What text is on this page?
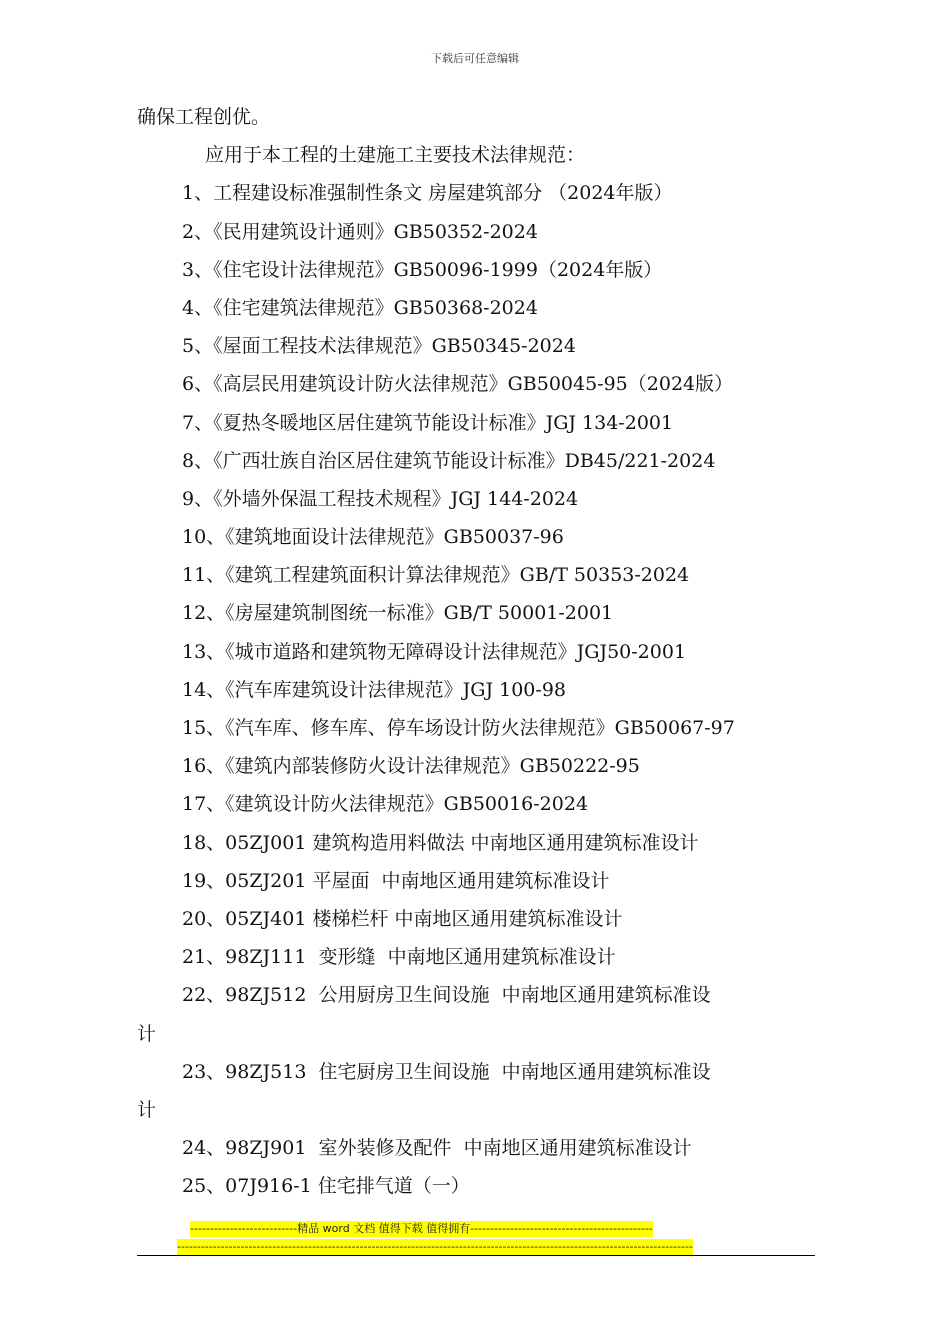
下载后可任意编辑
确保工程创优。
应用于本工程的土建施工主要技术法律规范：
1、工程建设标准强制性条文 房屋建筑部分 （2024年版）
2、《民用建筑设计通则》GB50352-2024
3、《住宅设计法律规范》GB50096-1999（2024年版）
4、《住宅建筑法律规范》GB50368-2024
5、《屋面工程技术法律规范》GB50345-2024
6、《高层民用建筑设计防火法律规范》GB50045-95（2024版）
7、《夏热冬暖地区居住建筑节能设计标准》JGJ 134-2001
8、《广西壮族自治区居住建筑节能设计标准》DB45/221-2024
9、《外墙外保温工程技术规程》JGJ 144-2024
10、《建筑地面设计法律规范》GB50037-96
11、《建筑工程建筑面积计算法律规范》GB/T 50353-2024
12、《房屋建筑制图统一标准》GB/T 50001-2001
13、《城市道路和建筑物无障碍设计法律规范》JGJ50-2001
14、《汽车库建筑设计法律规范》JGJ 100-98
15、《汽车库、修车库、停车场设计防火法律规范》GB50067-97
16、《建筑内部装修防火设计法律规范》GB50222-95
17、《建筑设计防火法律规范》GB50016-2024
18、05ZJ001 建筑构造用料做法 中南地区通用建筑标准设计
19、05ZJ201 平屋面  中南地区通用建筑标准设计
20、05ZJ401 楼梯栏杆 中南地区通用建筑标准设计
21、98ZJ111  变形缝  中南地区通用建筑标准设计
22、98ZJ512  公用厨房卫生间设施  中南地区通用建筑标准设
计
23、98ZJ513  住宅厨房卫生间设施  中南地区通用建筑标准设
计
24、98ZJ901  室外装修及配件  中南地区通用建筑标准设计
25、07J916-1 住宅排气道（一）
---------------------------精品 word 文档 值得下载 值得拥有----------------------------------------------
----------------------------------------------------------------------------------------------------------------------------------
